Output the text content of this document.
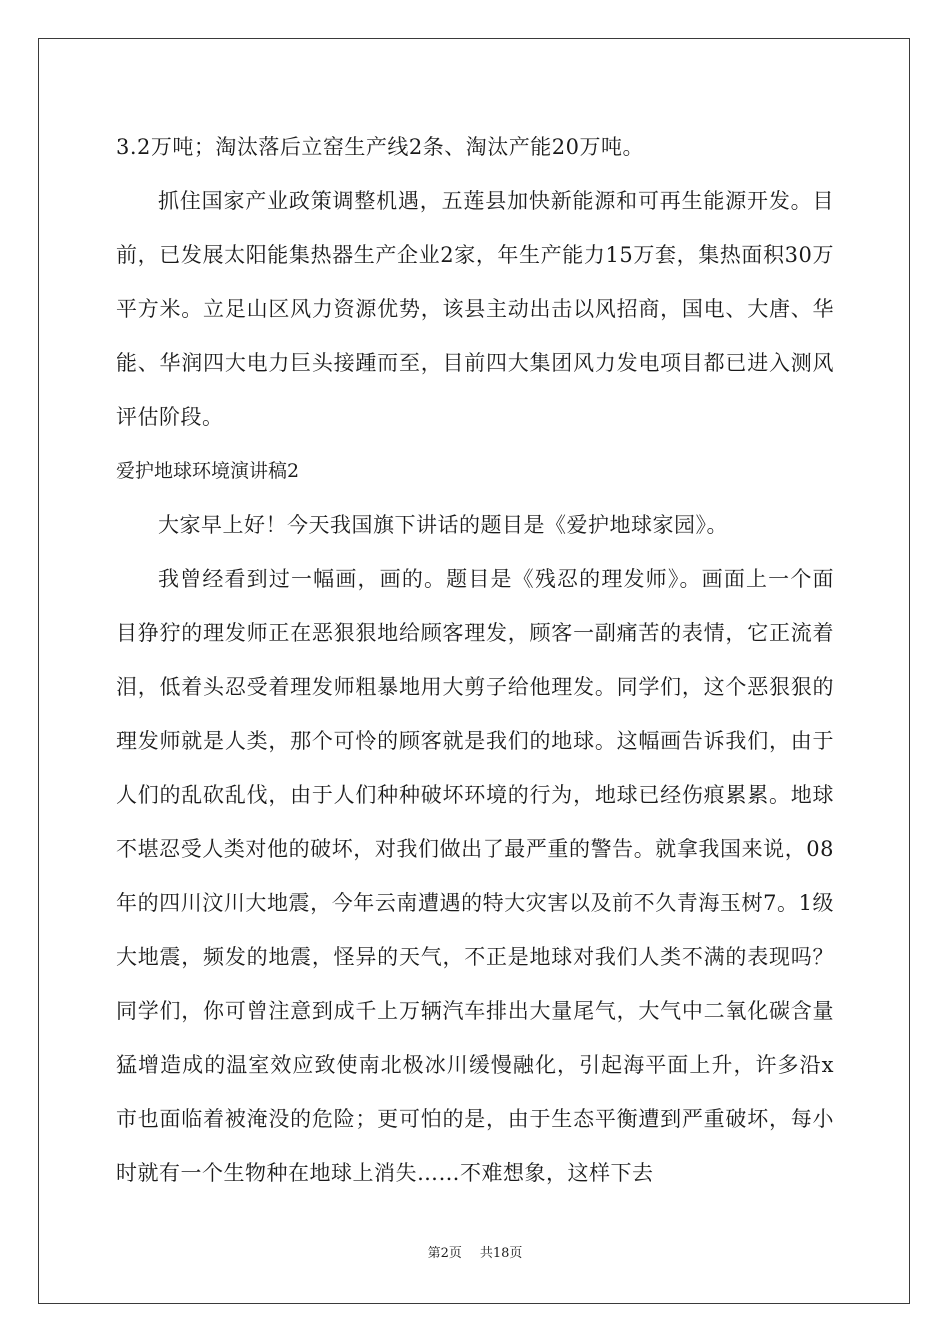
3.2万吨；淘汰落后立窑生产线2条、淘汰产能20万吨。

抓住国家产业政策调整机遇，五莲县加快新能源和可再生能源开发。目前，已发展太阳能集热器生产企业2家，年生产能力15万套，集热面积30万平方米。立足山区风力资源优势，该县主动出击以风招商，国电、大唐、华能、华润四大电力巨头接踵而至，目前四大集团风力发电项目都已进入测风评估阶段。

爱护地球环境演讲稿2

大家早上好！今天我国旗下讲话的题目是《爱护地球家园》。

我曾经看到过一幅画，画的。题目是《残忍的理发师》。画面上一个面目狰狞的理发师正在恶狠狠地给顾客理发，顾客一副痛苦的表情，它正流着泪，低着头忍受着理发师粗暴地用大剪子给他理发。同学们，这个恶狠狠的理发师就是人类，那个可怜的顾客就是我们的地球。这幅画告诉我们，由于人们的乱砍乱伐，由于人们种种破坏环境的行为，地球已经伤痕累累。地球不堪忍受人类对他的破坏，对我们做出了最严重的警告。就拿我国来说，08年的四川汶川大地震，今年云南遭遇的特大灾害以及前不久青海玉树7。1级大地震，频发的地震，怪异的天气，不正是地球对我们人类不满的表现吗？同学们，你可曾注意到成千上万辆汽车排出大量尾气，大气中二氧化碳含量猛增造成的温室效应致使南北极冰川缓慢融化，引起海平面上升，许多沿x市也面临着被淹没的危险；更可怕的是，由于生态平衡遭到严重破坏，每小时就有一个生物种在地球上消失……不难想象，这样下去

第2页 共18页
